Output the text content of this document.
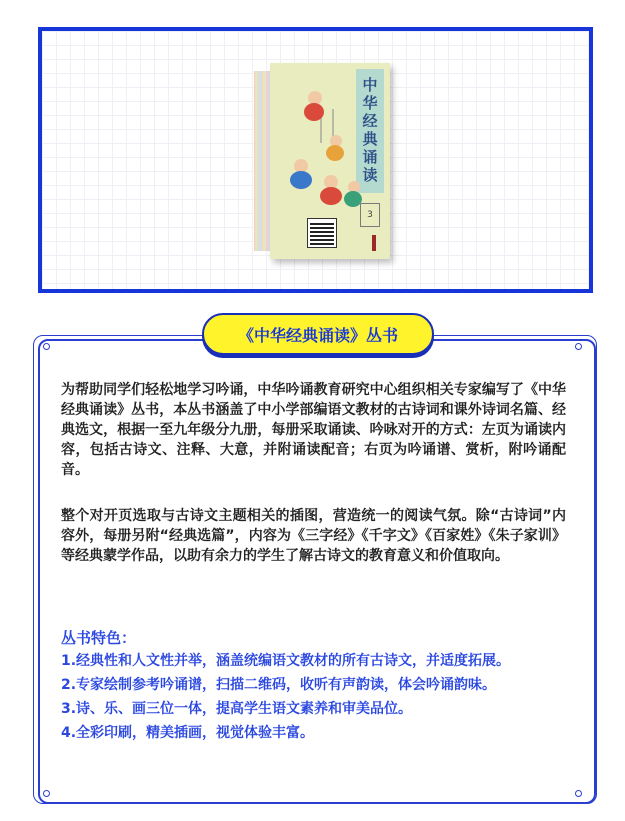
中华经典诵读
3
《中华经典诵读》丛书

为帮助同学们轻松地学习吟诵，中华吟诵教育研究中心组织相关专家编写了《中华经典诵读》丛书，本丛书涵盖了中小学部编语文教材的古诗词和课外诗词名篇、经典选文，根据一至九年级分九册，每册采取诵读、吟咏对开的方式：左页为诵读内容，包括古诗文、注释、大意，并附诵读配音；右页为吟诵谱、赏析，附吟诵配音。

整个对开页选取与古诗文主题相关的插图，营造统一的阅读气氛。除“古诗词”内容外，每册另附“经典选篇”，内容为《三字经》《千字文》《百家姓》《朱子家训》等经典蒙学作品，以助有余力的学生了解古诗文的教育意义和价值取向。

丛书特色：

1.经典性和人文性并举，涵盖统编语文教材的所有古诗文，并适度拓展。
2.专家绘制参考吟诵谱，扫描二维码，收听有声韵读，体会吟诵韵味。
3.诗、乐、画三位一体，提高学生语文素养和审美品位。
4.全彩印刷，精美插画，视觉体验丰富。
